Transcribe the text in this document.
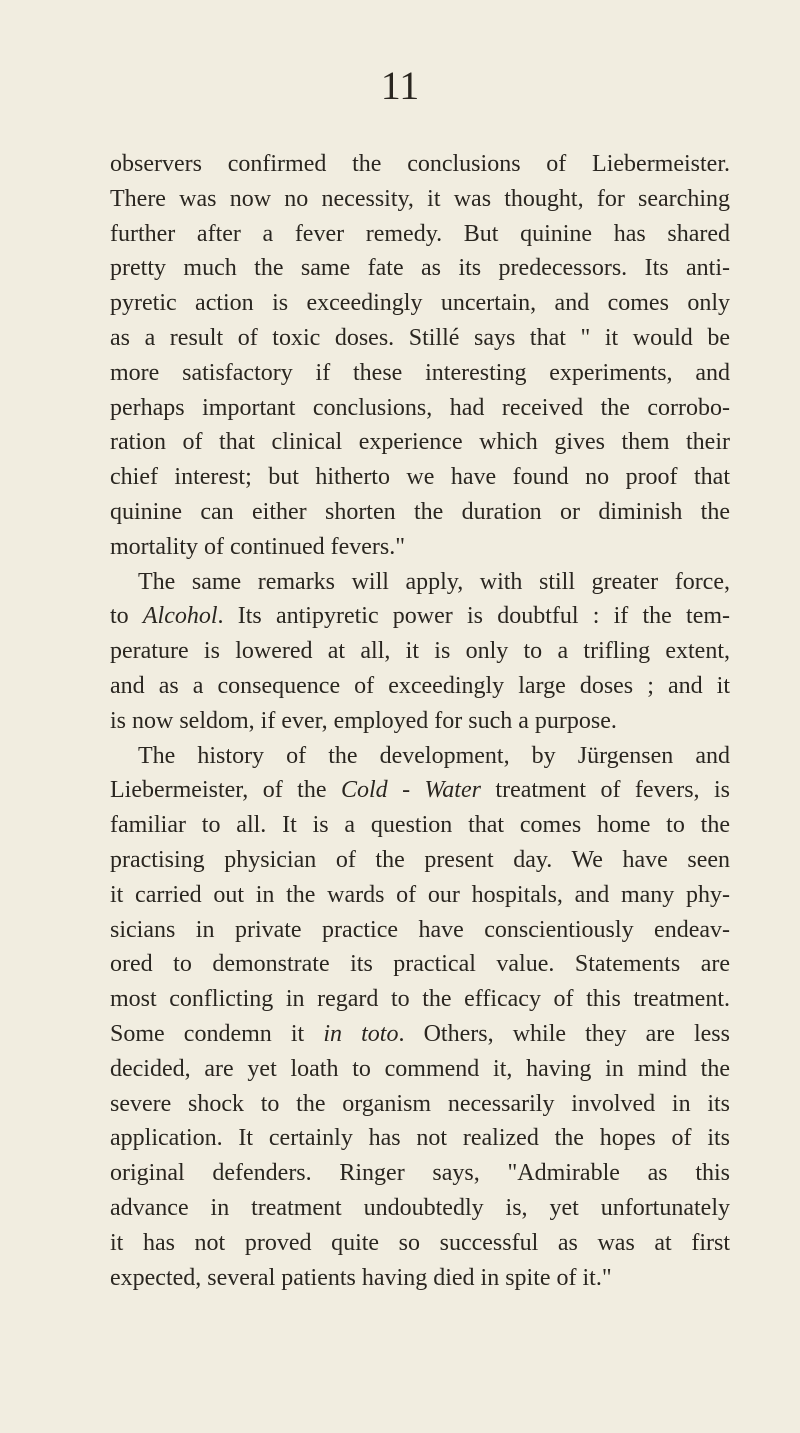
11
observers confirmed the conclusions of Liebermeister.
There was now no necessity, it was thought, for searching
further after a fever remedy. But quinine has shared
pretty much the same fate as its predecessors. Its anti-
pyretic action is exceedingly uncertain, and comes only
as a result of toxic doses. Stillé says that " it would be
more satisfactory if these interesting experiments, and
perhaps important conclusions, had received the corrobo-
ration of that clinical experience which gives them their
chief interest; but hitherto we have found no proof that
quinine can either shorten the duration or diminish the
mortality of continued fevers."
The same remarks will apply, with still greater force,
to Alcohol. Its antipyretic power is doubtful : if the tem-
perature is lowered at all, it is only to a trifling extent,
and as a consequence of exceedingly large doses ; and it
is now seldom, if ever, employed for such a purpose.
The history of the development, by Jürgensen and
Liebermeister, of the Cold - Water treatment of fevers, is
familiar to all. It is a question that comes home to the
practising physician of the present day. We have seen
it carried out in the wards of our hospitals, and many phy-
sicians in private practice have conscientiously endeav-
ored to demonstrate its practical value. Statements are
most conflicting in regard to the efficacy of this treatment.
Some condemn it in toto. Others, while they are less
decided, are yet loath to commend it, having in mind the
severe shock to the organism necessarily involved in its
application. It certainly has not realized the hopes of its
original defenders. Ringer says, "Admirable as this
advance in treatment undoubtedly is, yet unfortunately
it has not proved quite so successful as was at first
expected, several patients having died in spite of it."
